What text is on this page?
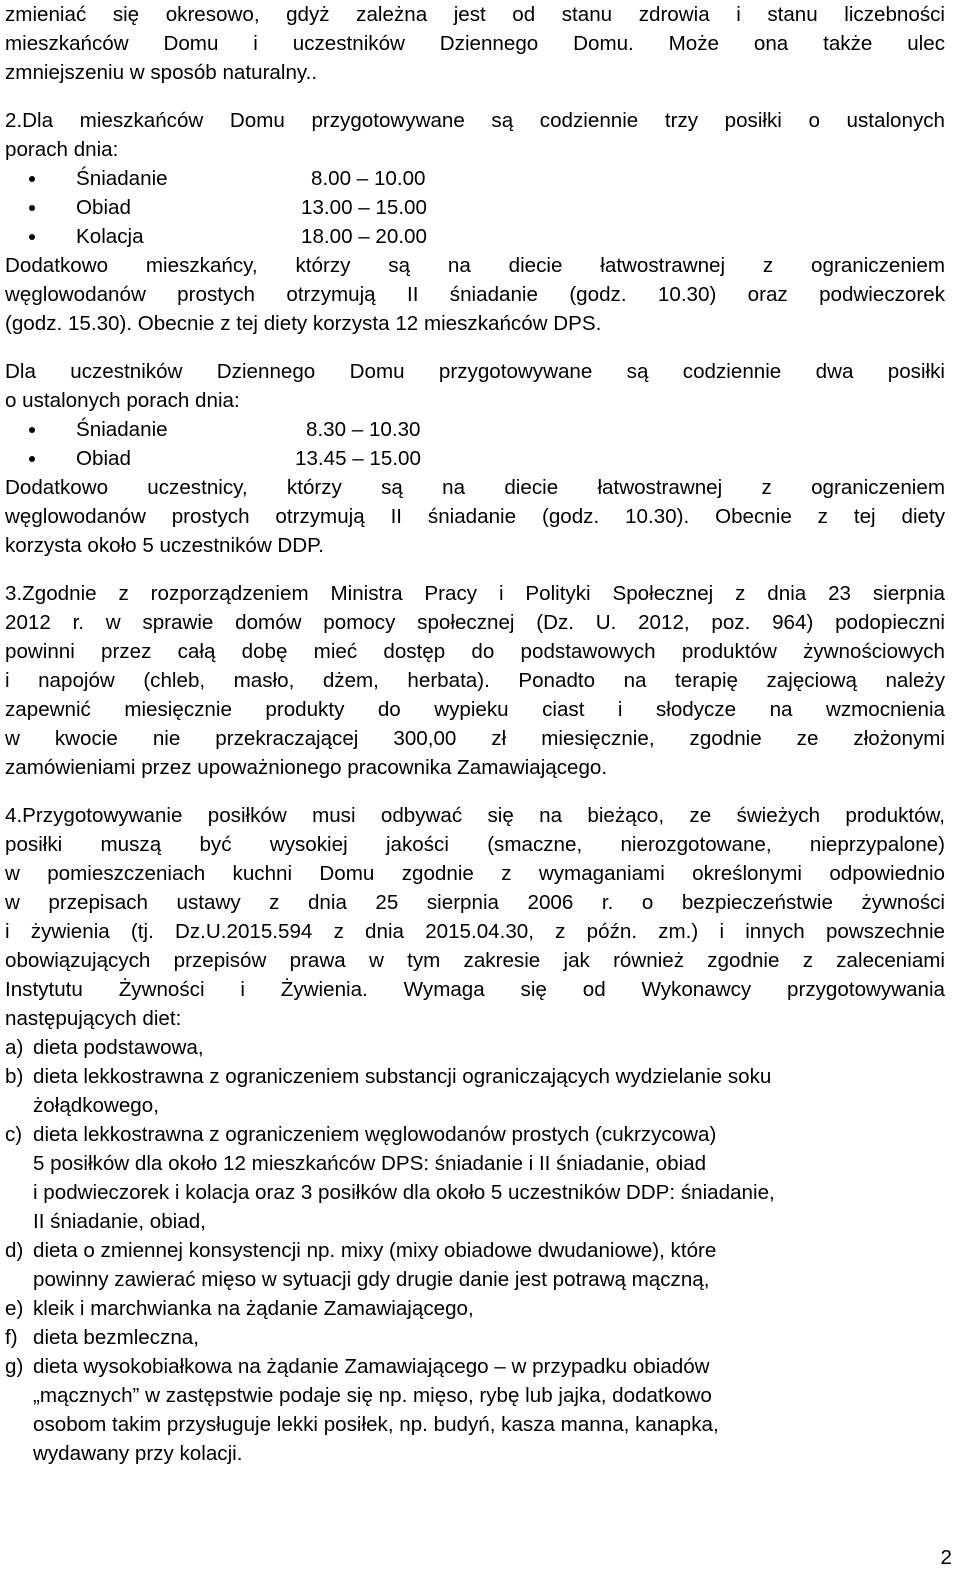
zmieniać się okresowo, gdyż zależna jest od stanu zdrowia i stanu liczebności
mieszkańców Domu i uczestników Dziennego Domu. Może ona także ulec
zmniejszeniu w sposób naturalny..
2.Dla mieszkańców Domu przygotowywane są codziennie trzy posiłki o ustalonych
porach dnia:
Śniadanie	8.00 – 10.00
Obiad	13.00 – 15.00
Kolacja	18.00 – 20.00
Dodatkowo mieszkańcy, którzy są na diecie łatwostrawnej z ograniczeniem
węglowodanów prostych otrzymują II śniadanie (godz. 10.30) oraz podwieczorek
(godz. 15.30). Obecnie z tej diety korzysta 12 mieszkańców DPS.
Dla uczestników Dziennego Domu przygotowywane są codziennie dwa posiłki
o ustalonych porach dnia:
Śniadanie	8.30 – 10.30
Obiad	13.45 – 15.00
Dodatkowo uczestnicy, którzy są na diecie łatwostrawnej z ograniczeniem
węglowodanów prostych otrzymują II śniadanie (godz. 10.30). Obecnie z tej diety
korzysta około 5 uczestników DDP.
3.Zgodnie z rozporządzeniem Ministra Pracy i Polityki Społecznej z dnia 23 sierpnia
2012 r. w sprawie domów pomocy społecznej (Dz. U. 2012, poz. 964) podopieczni
powinni przez całą dobę mieć dostęp do podstawowych produktów żywnościowych
i napojów (chleb, masło, dżem, herbata). Ponadto na terapię zajęciową należy
zapewnić miesięcznie produkty do wypieku ciast i słodycze na wzmocnienia
w kwocie nie przekraczającej 300,00 zł miesięcznie, zgodnie ze złożonymi
zamówieniami przez upoważnionego pracownika Zamawiającego.
4.Przygotowywanie posiłków musi odbywać się na bieżąco, ze świeżych produktów,
posiłki muszą być wysokiej jakości (smaczne, nierozgotowane, nieprzypalone)
w pomieszczeniach kuchni Domu zgodnie z wymaganiami określonymi odpowiednio
w przepisach ustawy z dnia 25 sierpnia 2006 r. o bezpieczeństwie żywności
i żywienia (tj. Dz.U.2015.594 z dnia 2015.04.30, z późn. zm.) i innych powszechnie
obowiązujących przepisów prawa w tym zakresie jak również zgodnie z zaleceniami
Instytutu Żywności i Żywienia. Wymaga się od Wykonawcy przygotowywania
następujących diet:
a) dieta podstawowa,
b) dieta lekkostrawna z ograniczeniem substancji ograniczających wydzielanie soku
żołądkowego,
c) dieta lekkostrawna z ograniczeniem węglowodanów prostych (cukrzycowa)
5 posiłków dla około 12 mieszkańców DPS: śniadanie i II śniadanie, obiad
i podwieczorek i kolacja oraz 3 posiłków dla około 5 uczestników DDP: śniadanie,
II śniadanie, obiad,
d) dieta o zmiennej konsystencji np. mixy (mixy obiadowe dwudaniowe), które
powinny zawierać mięso w sytuacji gdy drugie danie jest potrawą mączną,
e) kleik i marchwianka na żądanie Zamawiającego,
f) dieta bezmleczna,
g) dieta wysokobiałkowa na żądanie Zamawiającego – w przypadku obiadów
„mącznych” w zastępstwie podaje się np. mięso, rybę lub jajka, dodatkowo
osobom takim przysługuje lekki posiłek, np. budyń, kasza manna, kanapka,
wydawany przy kolacji.
2
